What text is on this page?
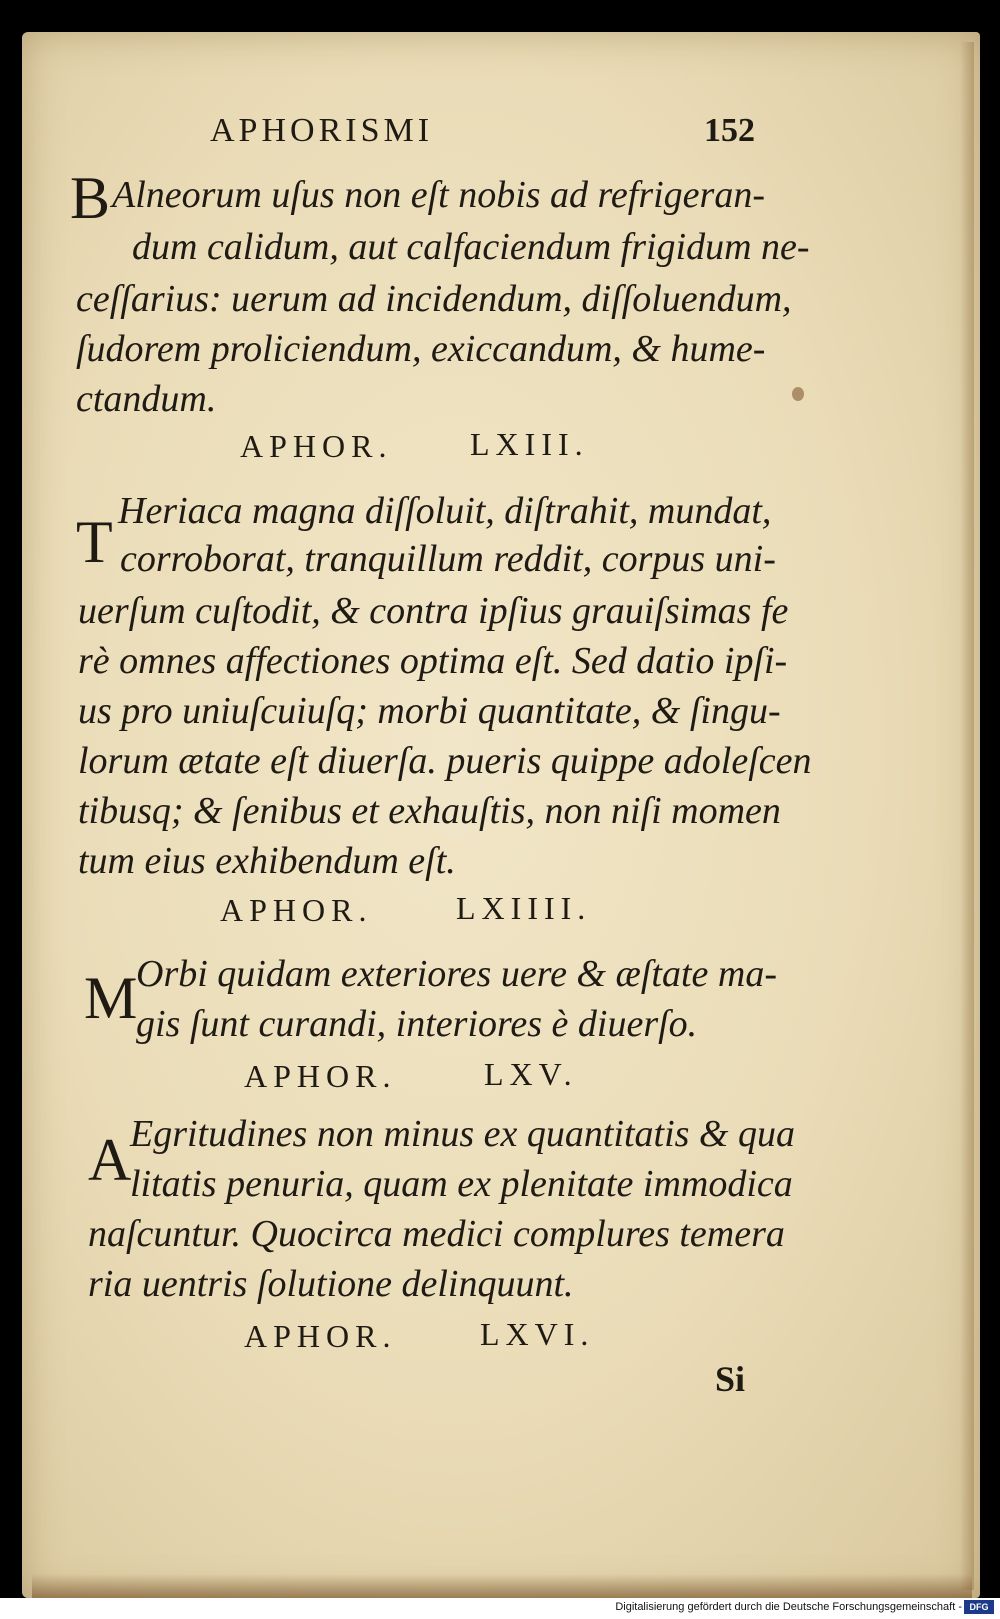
APHORISMI	152
B Alneorum uſus non eſt nobis ad refrigeran-
dum calidum, aut calfaciendum frigidum ne-
ceſſarius: uerum ad incidendum, diſſoluendum,
ſudorem proliciendum, exiccandum, & hume-
ctandum.
APHOR. LXIII.
T Heriaca magna diſſoluit, diſtrahit, mundat,
corroborat, tranquillum reddit, corpus uni-
uerſum cuſtodit, & contra ipſius grauiſsimas fe
rè omnes affectiones optima eſt. Sed datio ipſi-
us pro uniuſcuiuſq; morbi quantitate, & ſingu-
lorum ætate eſt diuerſa. pueris quippe adoleſcen
tibusq; & ſenibus et exhauſtis, non niſi momen
tum eius exhibendum eſt.
APHOR.	LXIIII.
M
Orbi quidam exteriores uere & æſtate ma-
gis ſunt curandi, interiores è diuerſo.
APHOR.	LXV.
A
Egritudines non minus ex quantitatis & qua
litatis penuria, quam ex plenitate immodica
naſcuntur. Quocirca medici complures temera
ria uentris ſolutione delinquunt.
APHOR.	LXVI.
Si
Digitalisierung gefördert durch die Deutsche Forschungsgemeinschaft - DFG
